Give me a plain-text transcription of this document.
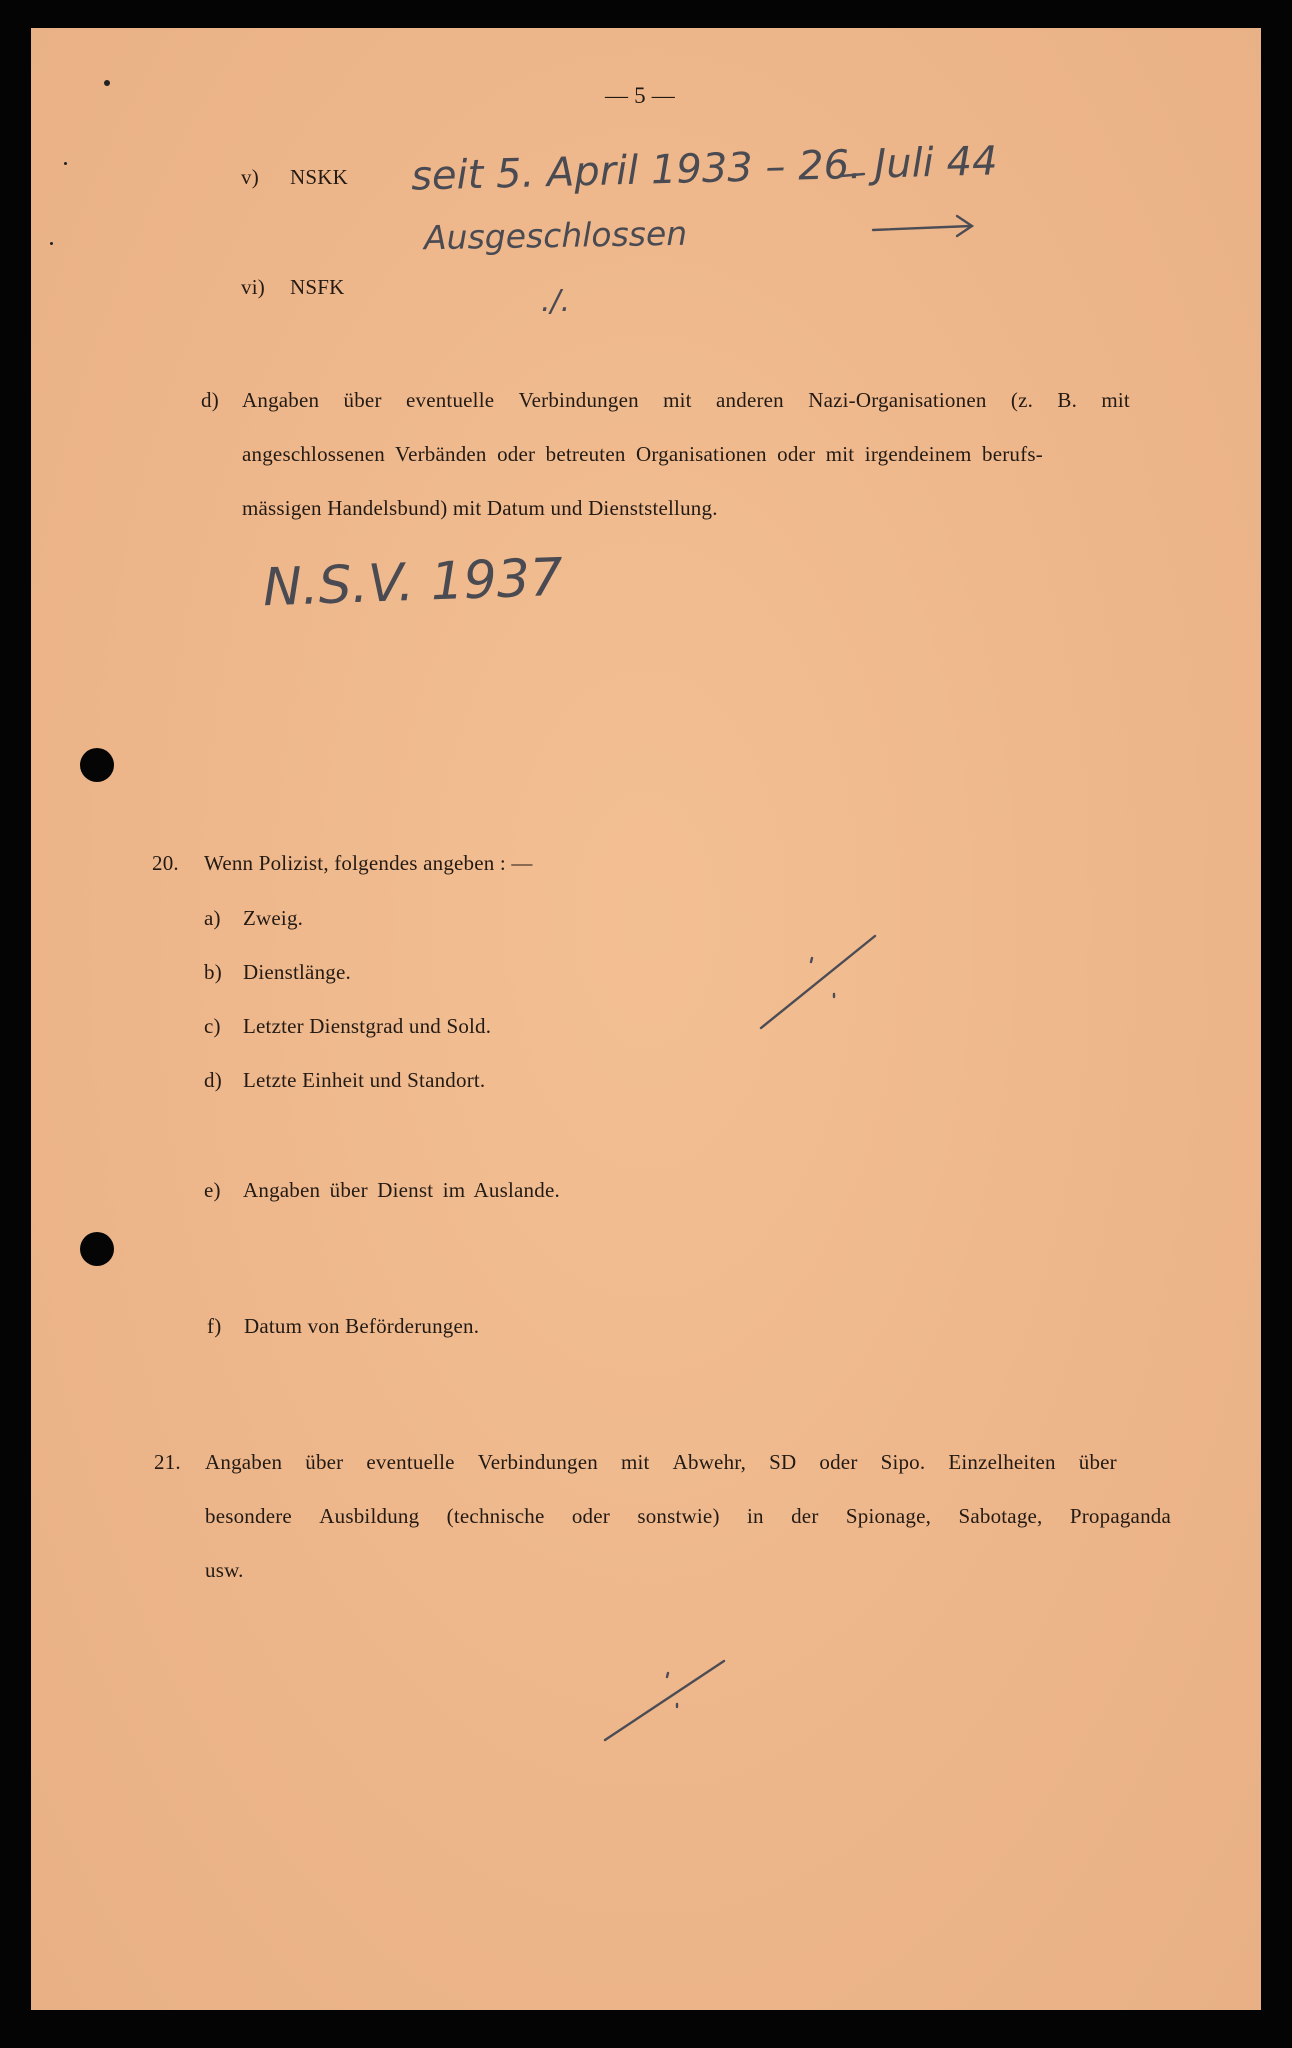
— 5 —
v) NSKK seit 5. April 1933 – 26. Juli 44
Ausgeschlossen
vi) NSFK	./.
d) Angaben über eventuelle Verbindungen mit anderen Nazi-Organisationen (z. B. mit
angeschlossenen Verbänden oder betreuten Organisationen oder mit irgendeinem berufs-
mässigen Handelsbund) mit Datum und Dienststellung.
N.S.V. 1937
20. Wenn Polizist, folgendes angeben : —
a) Zweig.
b) Dienstlänge.
c) Letzter Dienstgrad und Sold.
d) Letzte Einheit und Standort.
e) Angaben über Dienst im Auslande.
f) Datum von Beförderungen.
21. Angaben über eventuelle Verbindungen mit Abwehr, SD oder Sipo. Einzelheiten über
besondere Ausbildung (technische oder sonstwie) in der Spionage, Sabotage, Propaganda
usw.
